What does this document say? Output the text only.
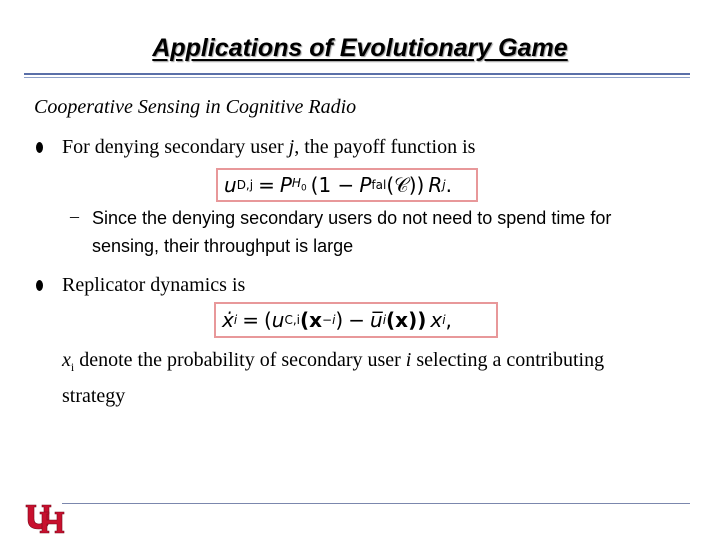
Applications of Evolutionary Game
Cooperative Sensing in Cognitive Radio
For denying secondary user j, the payoff function is
u D,j = P $H_0$ (1 − P fal (𝒞)) R j .
– Since the denying secondary users do not need to spend time for sensing, their throughput is large
Replicator dynamics is
ẋ i = ( u C,i (x −i ) − u̅ i (x)) x i ,
$x_i$ denote the probability of secondary user i selecting a contributing strategy
